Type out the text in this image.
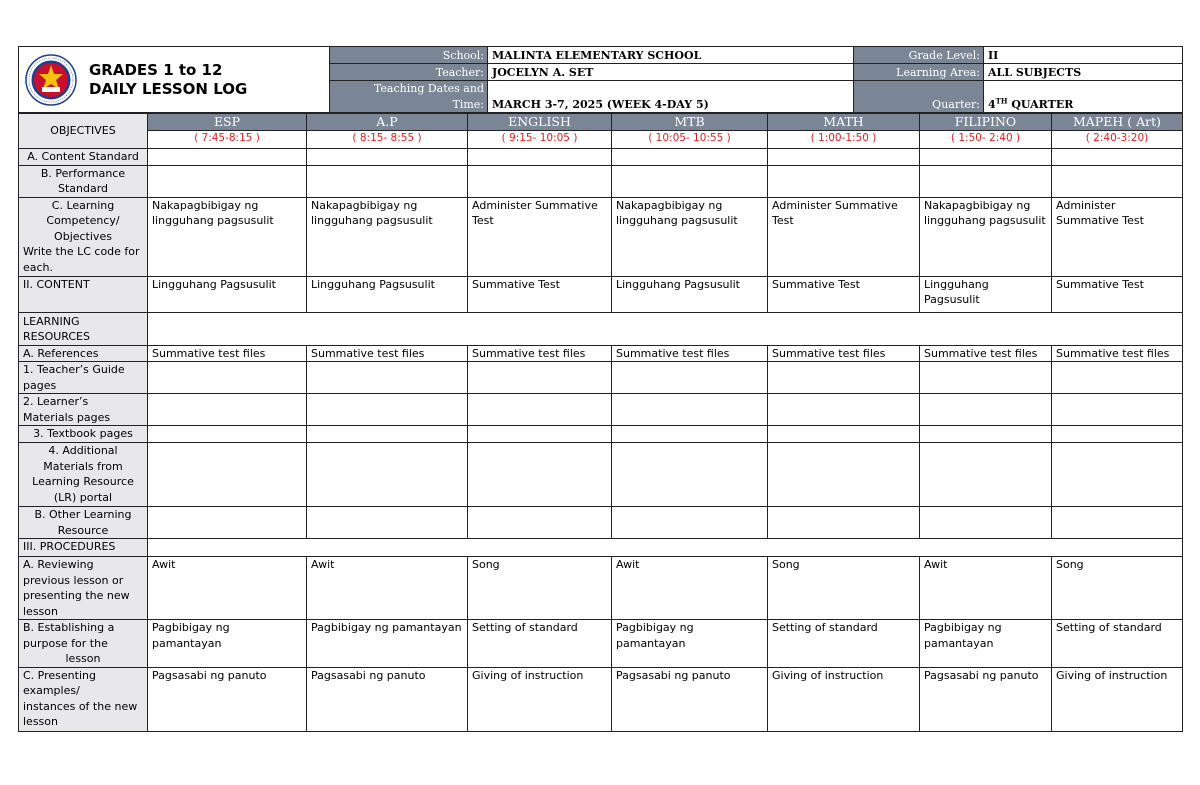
GRADES 1 to 12
DAILY LESSON LOG	School:	MALINTA ELEMENTARY SCHOOL	Grade Level:	II
	Teacher:	JOCELYN A. SET	Learning Area:	ALL SUBJECTS

	Teaching Dates and
Time:	MARCH 3-7, 2025 (WEEK 4-DAY 5)	Quarter:	4TH QUARTER
OBJECTIVES	ESP	A.P	ENGLISH	MTB	MATH	FILIPINO	MAPEH ( Art)
	( 7:45-8:15 )	( 8:15- 8:55 )	( 9:15- 10:05 )	( 10:05- 10:55 )	( 1:00-1:50 )	( 1:50- 2:40 )	( 2:40-3:20)
A. Content Standard							

B. Performance
Standard							

C. Learning
Competency/
Objectives
Write the LC code for
each.	Nakapagbibigay ng lingguhang pagsusulit	Nakapagbibigay ng lingguhang pagsusulit	Administer Summative Test	Nakapagbibigay ng lingguhang pagsusulit	Administer Summative Test	Nakapagbibigay ng lingguhang pagsusulit	Administer Summative Test
II. CONTENT	Lingguhang Pagsusulit	Lingguhang Pagsusulit	Summative Test	Lingguhang Pagsusulit	Summative Test	Lingguhang Pagsusulit	Summative Test

LEARNING
RESOURCES							

A. References	Summative test files	Summative test files	Summative test files	Summative test files	Summative test files	Summative test files	Summative test files

1. Teacher’s Guide
pages							

2. Learner’s
Materials pages							

3. Textbook pages							

4. Additional
Materials from
Learning Resource
(LR) portal							

B. Other Learning
Resource							

III. PROCEDURES							

A. Reviewing
previous lesson or
presenting the new
lesson	Awit	Awit	Song	Awit	Song	Awit	Song

B. Establishing a
purpose for the
lesson	Pagbibigay ng pamantayan	Pagbibigay ng pamantayan	Setting of standard	Pagbibigay ng pamantayan	Setting of standard	Pagbibigay ng pamantayan	Setting of standard

C. Presenting
examples/
instances of the new
lesson	Pagsasabi ng panuto	Pagsasabi ng panuto	Giving of instruction	Pagsasabi ng panuto	Giving of instruction	Pagsasabi ng panuto	Giving of instruction
